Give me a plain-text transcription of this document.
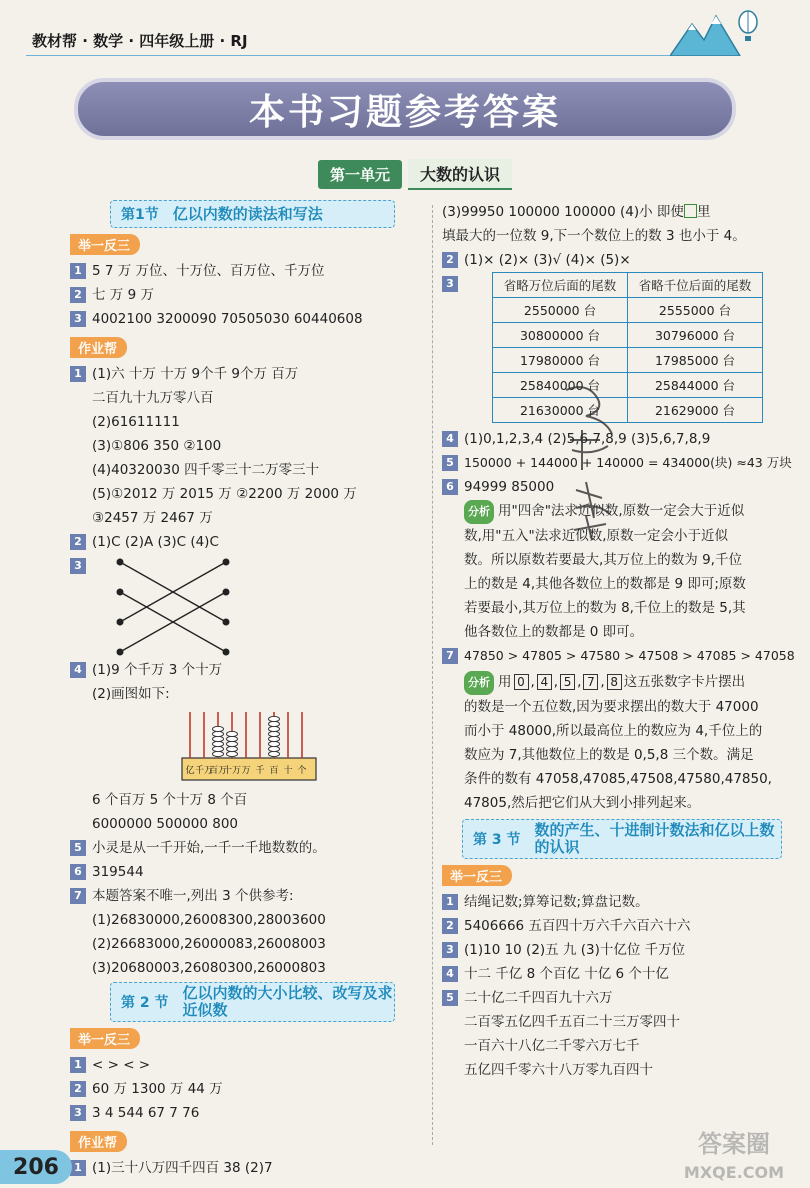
教材帮 · 数学 · 四年级上册 · RJ
本书习题参考答案
第一单元	大数的认识
第1节 亿以内数的读法和写法
举一反三
1 5 7 万 万位、十万位、百万位、千万位
2 七 万 9 万
3 4002100 3200090 70505030 60440608
作业帮
1 (1)六 十万 十万 9个千 9个万 百万
二百九十九万零八百
(2)61611111
(3)①806 350 ②100
(4)40320030 四千零三十二万零三十
(5)①2012 万 2015 万 ②2200 万 2000 万
③2457 万 2467 万
2 (1)C (2)A (3)C (4)C
3
4 (1)9 个千万 3 个十万
(2)画图如下:
亿 千万
百万
十万 万 千 百 十 个
6 个百万 5 个十万 8 个百
6000000 500000 800
5 小灵是从一千开始,一千一千地数数的。
6 319544
7 本题答案不唯一,列出 3 个供参考:
(1)26830000,26008300,28003600
(2)26683000,26000083,26008003
(3)20680003,26080300,26000803
第 2 节
亿以内数的大小比较、改写及求近似数
举一反三
1 < > < >
2 60 万 1300 万 44 万
3 3 4 544 67 7 76
作业帮
1 (1)三十八万四千四百 38 (2)7
(3)99950 100000 100000 (4)小 即使 里
填最大的一位数 9,下一个数位上的数 3 也小于 4。
2 (1)× (2)× (3)√ (4)× (5)×
3	省略万位后面的尾数	省略千位后面的尾数
2550000 台	2555000 台
30800000 台	30796000 台
17980000 台	17985000 台
25840000 台	25844000 台
21630000 台	21629000 台
4 (1)0,1,2,3,4 (2)5,6,7,8,9 (3)5,6,7,8,9
5 150000 + 144000 + 140000 = 434000(块) ≈43 万块
6 94999 85000
分析 用"四舍"法求近似数,原数一定会大于近似
数,用"五入"法求近似数,原数一定会小于近似
数。所以原数若要最大,其万位上的数为 9,千位
上的数是 4,其他各数位上的数都是 9 即可;原数
若要最小,其万位上的数为 8,千位上的数是 5,其
他各数位上的数都是 0 即可。
7 47850 > 47805 > 47580 > 47508 > 47085 > 47058
分析 用 0 , 4 , 5 , 7 , 8 这五张数字卡片摆出
的数是一个五位数,因为要求摆出的数大于 47000
而小于 48000,所以最高位上的数应为 4,千位上的
数应为 7,其他数位上的数是 0,5,8 三个数。满足
条件的数有 47058,47085,47508,47580,47850,
47805,然后把它们从大到小排列起来。
第 3 节
数的产生、十进制计数法和亿以上数的认识
举一反三
1 结绳记数;算筹记数;算盘记数。
2 5406666 五百四十万六千六百六十六
3 (1)10 10 (2)五 九 (3)十亿位 千万位
4 十二 千亿 8 个百亿 十亿 6 个十亿
5 二十亿二千四百九十六万
二百零五亿四千五百二十三万零四十
一百六十八亿二千零六万七千
五亿四千零六十八万零九百四十
206
答案圈
MXQE.COM
